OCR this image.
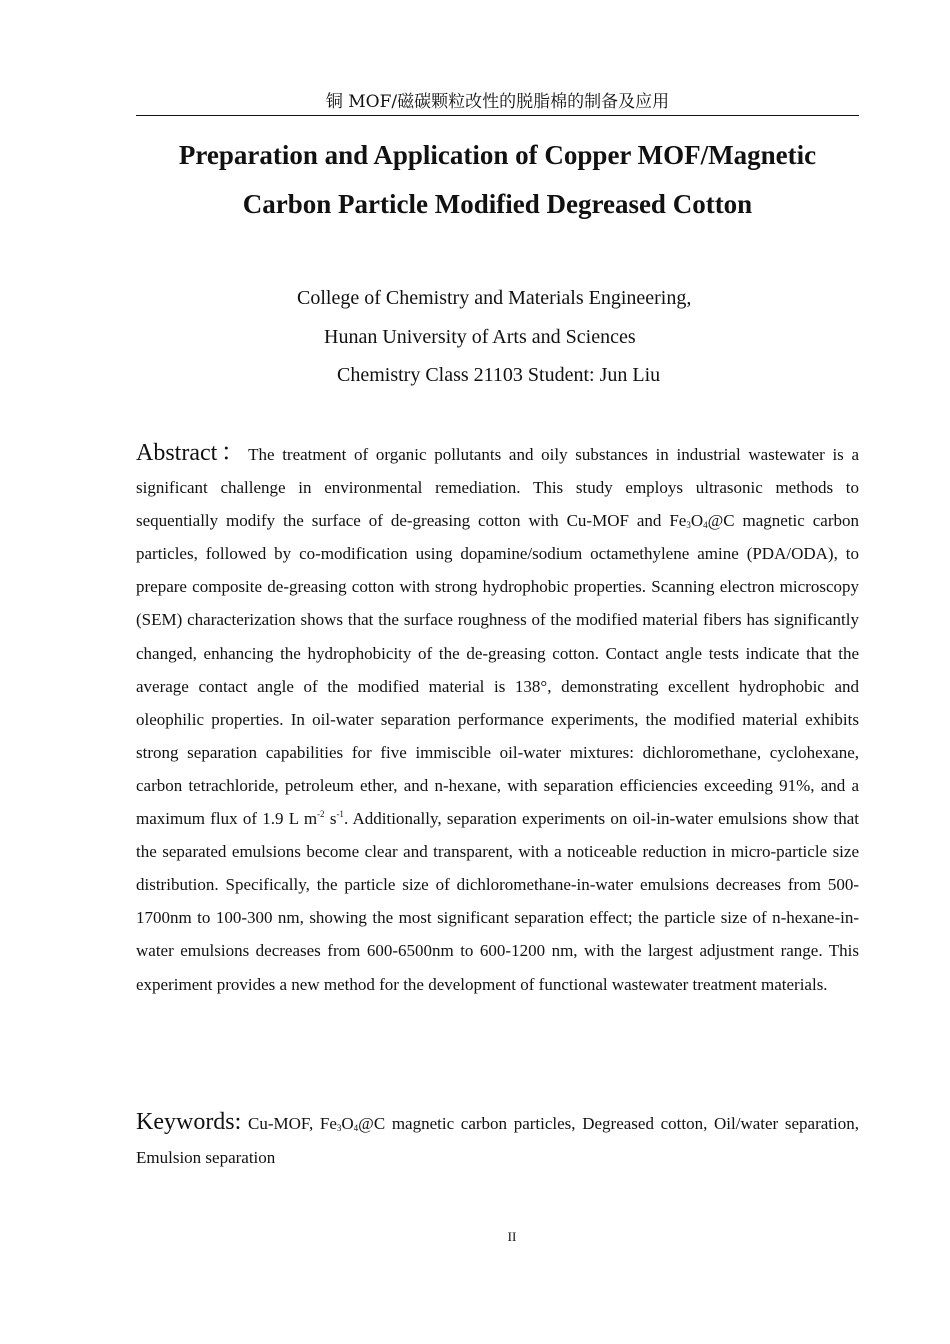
铜 MOF/磁碳颗粒改性的脱脂棉的制备及应用
Preparation and Application of Copper MOF/Magnetic
Carbon Particle Modified Degreased Cotton
College of Chemistry and Materials Engineering,
Hunan University of Arts and Sciences
Chemistry Class 21103 Student: Jun Liu

Abstract：The treatment of organic pollutants and oily substances in industrial wastewater is a significant challenge in environmental remediation. This study employs ultrasonic methods to sequentially modify the surface of de-greasing cotton with Cu-MOF and $Fe_3O_4@C$ magnetic carbon particles, followed by co-modification using dopamine/sodium octamethylene amine (PDA/ODA), to prepare composite de-greasing cotton with strong hydrophobic properties. Scanning electron microscopy (SEM) characterization shows that the surface roughness of the modified material fibers has significantly changed, enhancing the hydrophobicity of the de-greasing cotton. Contact angle tests indicate that the average contact angle of the modified material is 138°, demonstrating excellent hydrophobic and oleophilic properties. In oil-water separation performance experiments, the modified material exhibits strong separation capabilities for five immiscible oil-water mixtures: dichloromethane, cyclohexane, carbon tetrachloride, petroleum ether, and n-hexane, with separation efficiencies exceeding 91%, and a maximum flux of 1.9 L $m^{-2}$ $s^{-1}$. Additionally, separation experiments on oil-in-water emulsions show that the separated emulsions become clear and transparent, with a noticeable reduction in micro-particle size distribution. Specifically, the particle size of dichloromethane-in-water emulsions decreases from 500-1700nm to 100-300 nm, showing the most significant separation effect; the particle size of n-hexane-in-water emulsions decreases from 600-6500nm to 600-1200 nm, with the largest adjustment range. This experiment provides a new method for the development of functional wastewater treatment materials.

Keywords: Cu-MOF, $Fe_3O_4@C$ magnetic carbon particles, Degreased cotton, Oil/water separation, Emulsion separation

II
